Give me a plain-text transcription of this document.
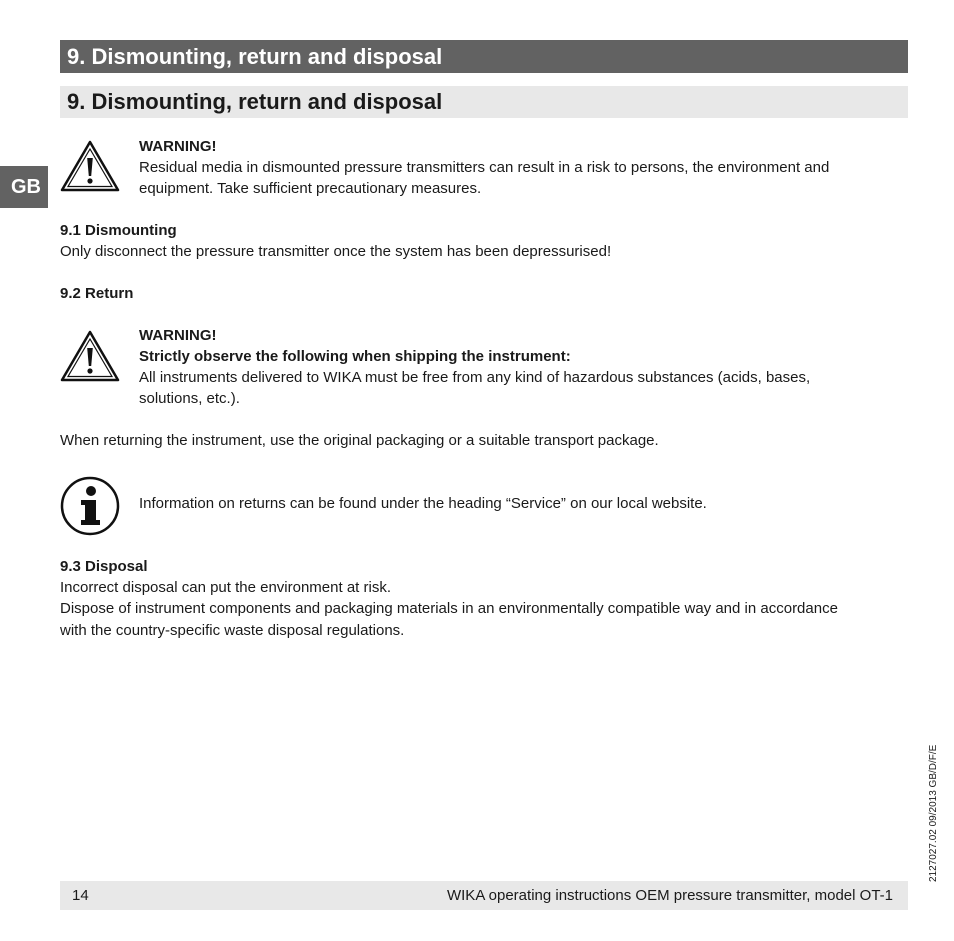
9. Dismounting, return and disposal
9. Dismounting, return and disposal
GB
WARNING!
Residual media in dismounted pressure transmitters can result in a risk to persons, the environment and
equipment. Take sufficient precautionary measures.
9.1 Dismounting
Only disconnect the pressure transmitter once the system has been depressurised!
9.2 Return
WARNING!
Strictly observe the following when shipping the instrument:
All instruments delivered to WIKA must be free from any kind of hazardous substances (acids, bases,
solutions, etc.).
When returning the instrument, use the original packaging or a suitable transport package.
Information on returns can be found under the heading “Service” on our local website.
9.3 Disposal
Incorrect disposal can put the environment at risk.
Dispose of instrument components and packaging materials in an environmentally compatible way and in accordance
with the country-specific waste disposal regulations.
2127027.02 09/2013 GB/D/F/E
14	WIKA operating instructions OEM pressure transmitter, model OT-1
